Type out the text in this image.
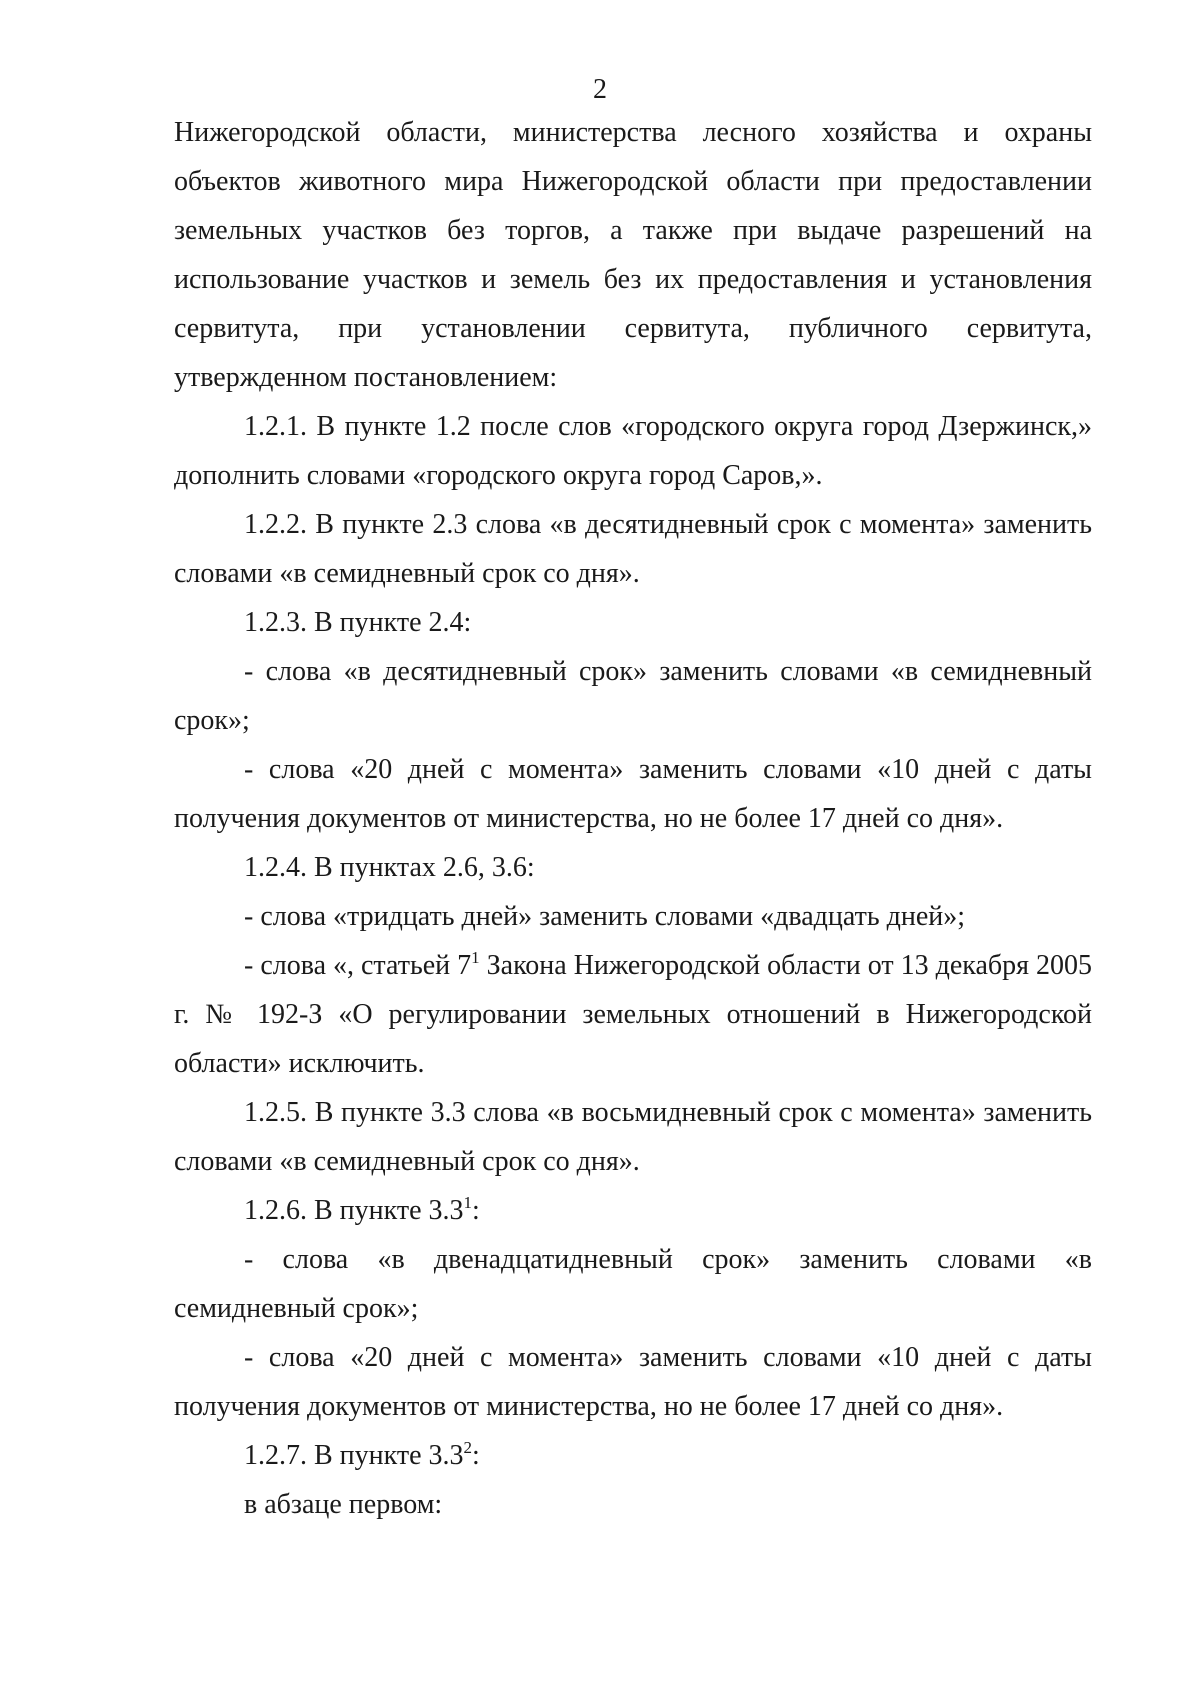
2

Нижегородской области, министерства лесного хозяйства и охраны объектов животного мира Нижегородской области при предоставлении земельных участков без торгов, а также при выдаче разрешений на использование участков и земель без их предоставления и установления сервитута, при установлении сервитута, публичного сервитута, утвержденном постановлением:

1.2.1. В пункте 1.2 после слов «городского округа город Дзержинск,» дополнить словами «городского округа город Саров,».

1.2.2. В пункте 2.3 слова «в десятидневный срок с момента» заменить словами «в семидневный срок со дня».

1.2.3. В пункте 2.4:

- слова «в десятидневный срок» заменить словами «в семидневный срок»;

- слова «20 дней с момента» заменить словами «10 дней с даты получения документов от министерства, но не более 17 дней со дня».

1.2.4. В пунктах 2.6, 3.6:

- слова «тридцать дней» заменить словами «двадцать дней»;

- слова «, статьей $7^1$ Закона Нижегородской области от 13 декабря 2005 г. № 192-З «О регулировании земельных отношений в Нижегородской области» исключить.

1.2.5. В пункте 3.3 слова «в восьмидневный срок с момента» заменить словами «в семидневный срок со дня».

1.2.6. В пункте $3.3^1$:

- слова «в двенадцатидневный срок» заменить словами «в семидневный срок»;

- слова «20 дней с момента» заменить словами «10 дней с даты получения документов от министерства, но не более 17 дней со дня».

1.2.7. В пункте $3.3^2$:

в абзаце первом:
